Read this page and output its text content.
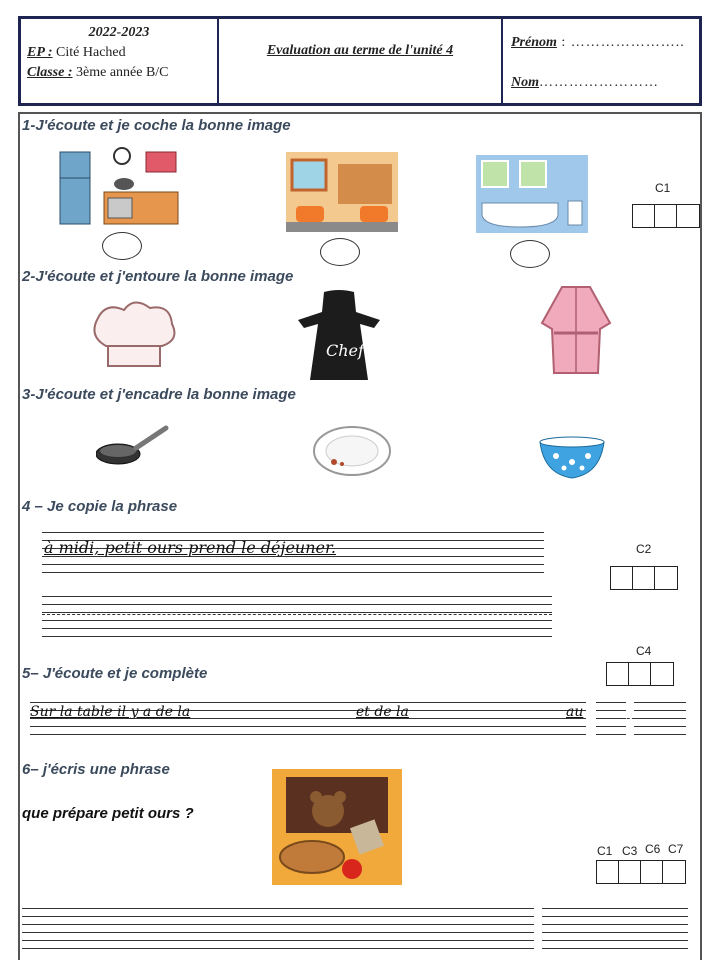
2022-2023
EP : Cité Hached
Classe : 3ème année B/C
Evaluation au terme de l'unité 4
Prénom : …………………..
Nom……………………
1-J'écoute et je coche la bonne image
C1
2-J'écoute et j'entoure la bonne image
Chef
3-J'écoute et j'encadre la bonne image
4 – Je copie la phrase
à midi, petit ours prend le déjeuner.	C2
C4
5– J'écoute et je complète
Sur la table il y a de la	et de la	au
6– j'écris une phrase
que prépare petit ours ?
C1 C3 C6 C7
